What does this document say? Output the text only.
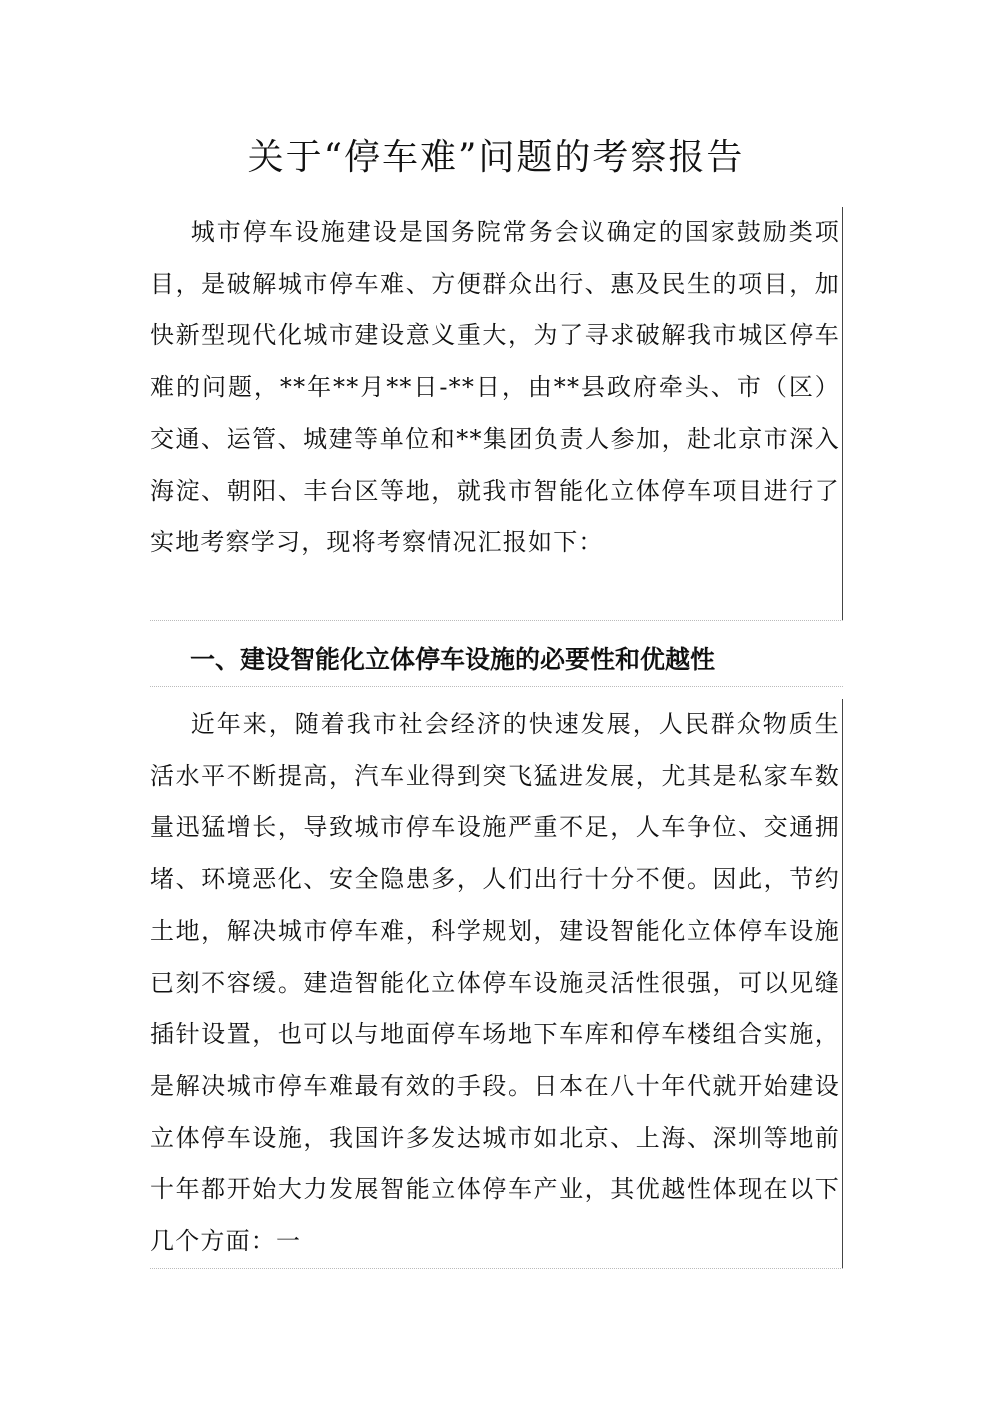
关于“停车难”问题的考察报告
城市停车设施建设是国务院常务会议确定的国家鼓励类项目，是破解城市停车难、方便群众出行、惠及民生的项目，加快新型现代化城市建设意义重大，为了寻求破解我市城区停车难的问题，**年**月**日-**日，由**县政府牵头、市（区）交通、运管、城建等单位和**集团负责人参加，赴北京市深入海淀、朝阳、丰台区等地，就我市智能化立体停车项目进行了实地考察学习，现将考察情况汇报如下：
一、建设智能化立体停车设施的必要性和优越性
近年来，随着我市社会经济的快速发展，人民群众物质生活水平不断提高，汽车业得到突飞猛进发展，尤其是私家车数量迅猛增长，导致城市停车设施严重不足，人车争位、交通拥堵、环境恶化、安全隐患多，人们出行十分不便。因此，节约土地，解决城市停车难，科学规划，建设智能化立体停车设施已刻不容缓。建造智能化立体停车设施灵活性很强，可以见缝插针设置，也可以与地面停车场地下车库和停车楼组合实施，是解决城市停车难最有效的手段。日本在八十年代就开始建设立体停车设施，我国许多发达城市如北京、上海、深圳等地前十年都开始大力发展智能立体停车产业，其优越性体现在以下几个方面：一
